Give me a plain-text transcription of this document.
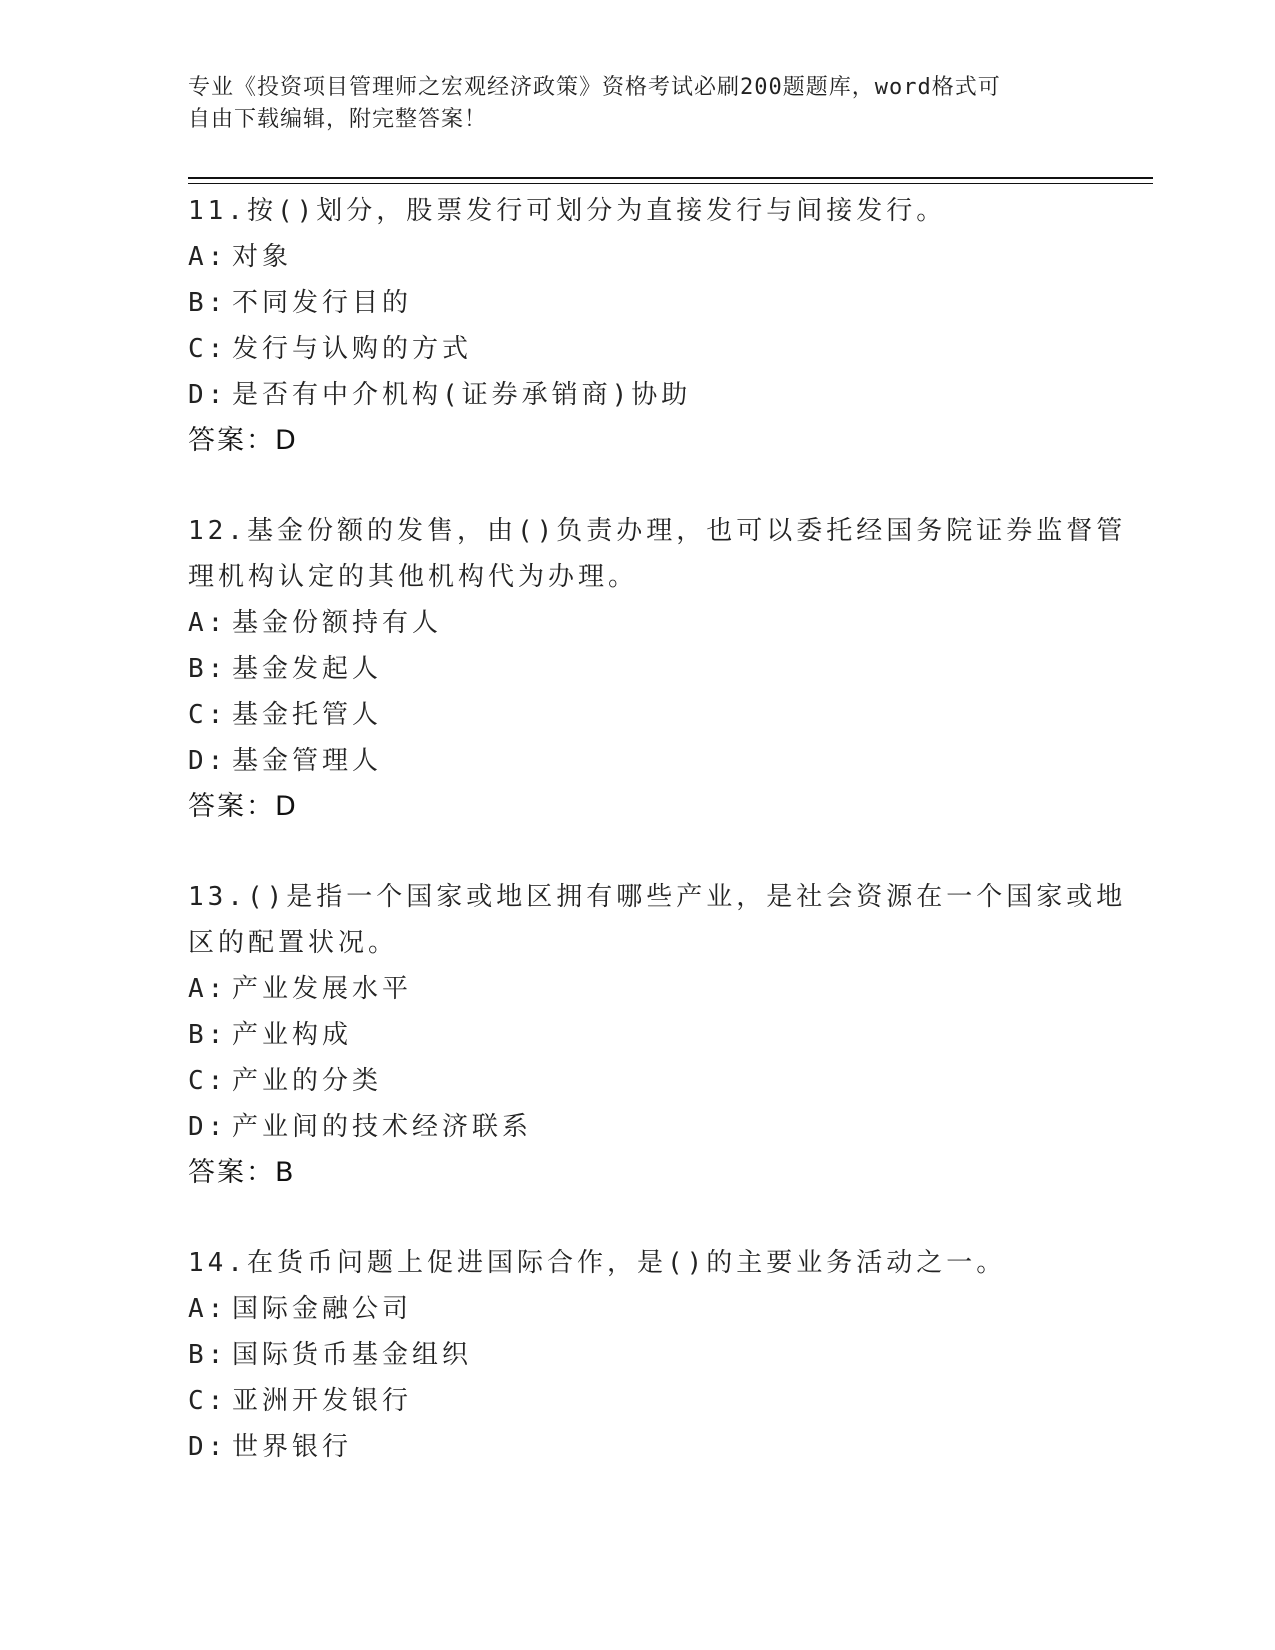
专业《投资项目管理师之宏观经济政策》资格考试必刷200题题库，word格式可
自由下载编辑，附完整答案！
11.按()划分，股票发行可划分为直接发行与间接发行。
A: 对象
B: 不同发行目的
C: 发行与认购的方式
D: 是否有中介机构(证券承销商)协助
答案：D
12.基金份额的发售，由()负责办理，也可以委托经国务院证券监督管
理机构认定的其他机构代为办理。
A: 基金份额持有人
B: 基金发起人
C: 基金托管人
D: 基金管理人
答案：D
13.()是指一个国家或地区拥有哪些产业，是社会资源在一个国家或地
区的配置状况。
A: 产业发展水平
B: 产业构成
C: 产业的分类
D: 产业间的技术经济联系
答案：B
14.在货币问题上促进国际合作，是()的主要业务活动之一。
A: 国际金融公司
B: 国际货币基金组织
C: 亚洲开发银行
D: 世界银行
